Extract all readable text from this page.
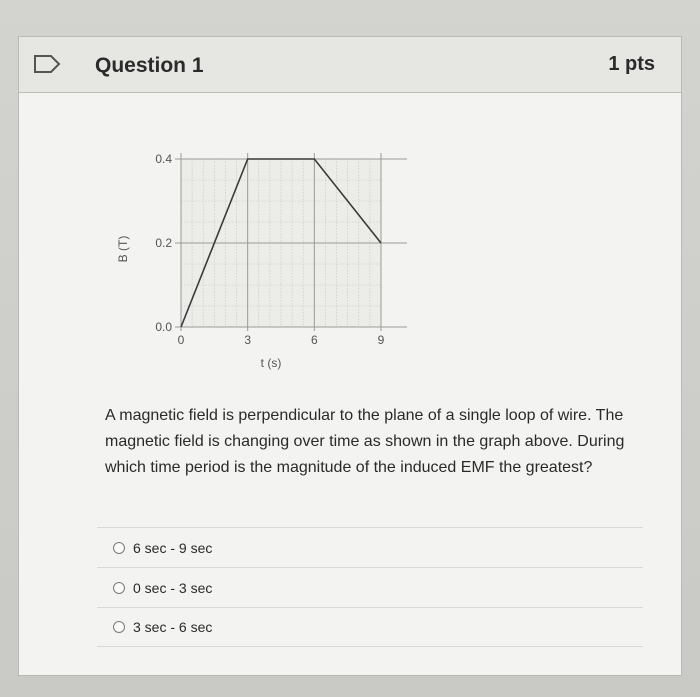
Question 1	1 pts
0	3	6	9
0.0
0.2
0.4
t (s)
B (T)
A magnetic field is perpendicular to the plane of a single loop of wire. The magnetic field is changing over time as shown in the graph above. During which time period is the magnitude of the induced EMF the greatest?
6 sec - 9 sec
0 sec - 3 sec
3 sec - 6 sec
